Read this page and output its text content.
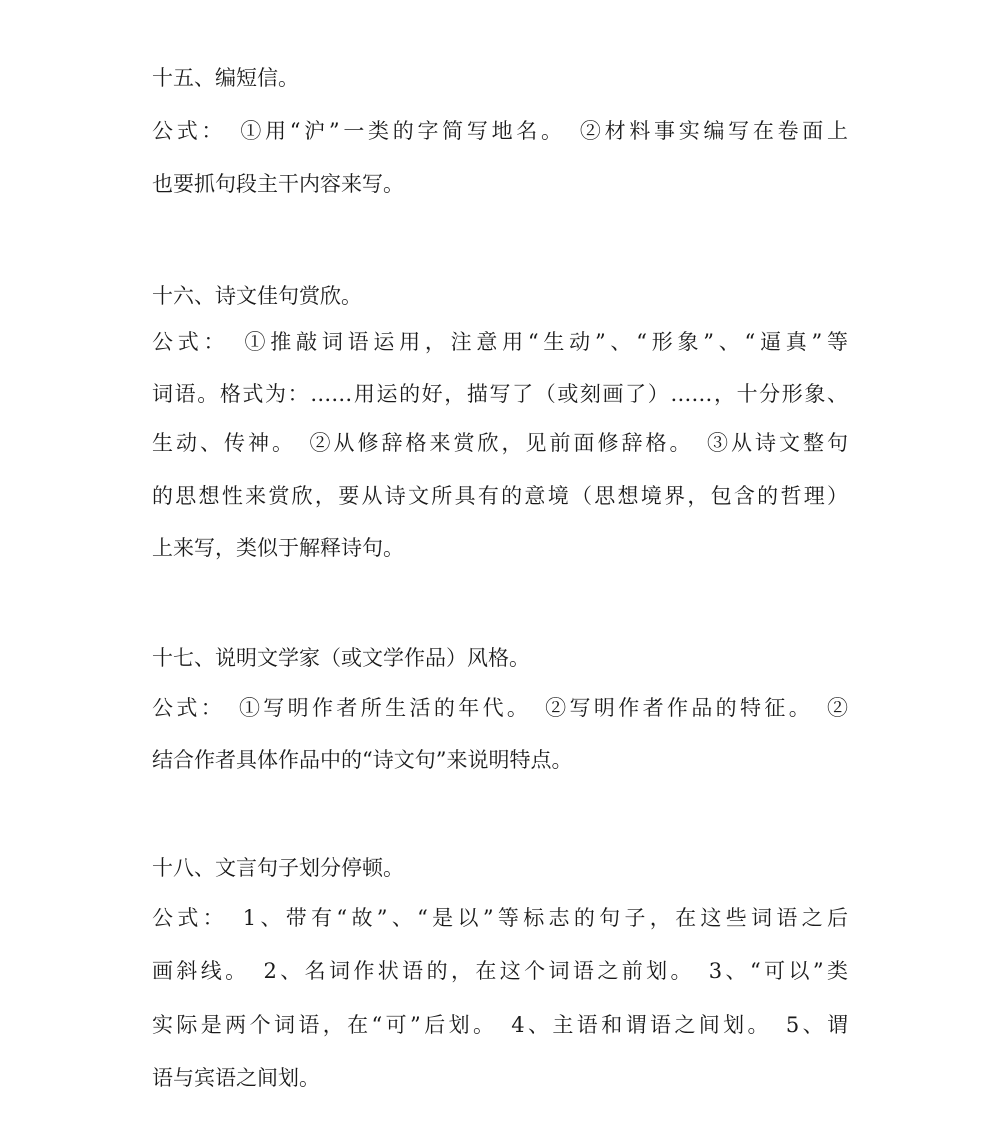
十五、编短信。
公式：　①用“沪”一类的字简写地名。　②材料事实编写在卷面上
也要抓句段主干内容来写。
十六、诗文佳句赏欣。
公式：　①推敲词语运用，注意用“生动”、“形象”、“逼真”等
词语。格式为：……用运的好，描写了（或刻画了）……，十分形象、
生动、传神。　②从修辞格来赏欣，见前面修辞格。　③从诗文整句
的思想性来赏欣，要从诗文所具有的意境（思想境界，包含的哲理）
上来写，类似于解释诗句。
十七、说明文学家（或文学作品）风格。
公式：　①写明作者所生活的年代。　②写明作者作品的特征。　②
结合作者具体作品中的“诗文句”来说明特点。
十八、文言句子划分停顿。
公式：　1、带有“故”、“是以”等标志的句子，在这些词语之后
画斜线。　2、名词作状语的，在这个词语之前划。　3、“可以”类
实际是两个词语，在“可”后划。　4、主语和谓语之间划。　5、谓
语与宾语之间划。
